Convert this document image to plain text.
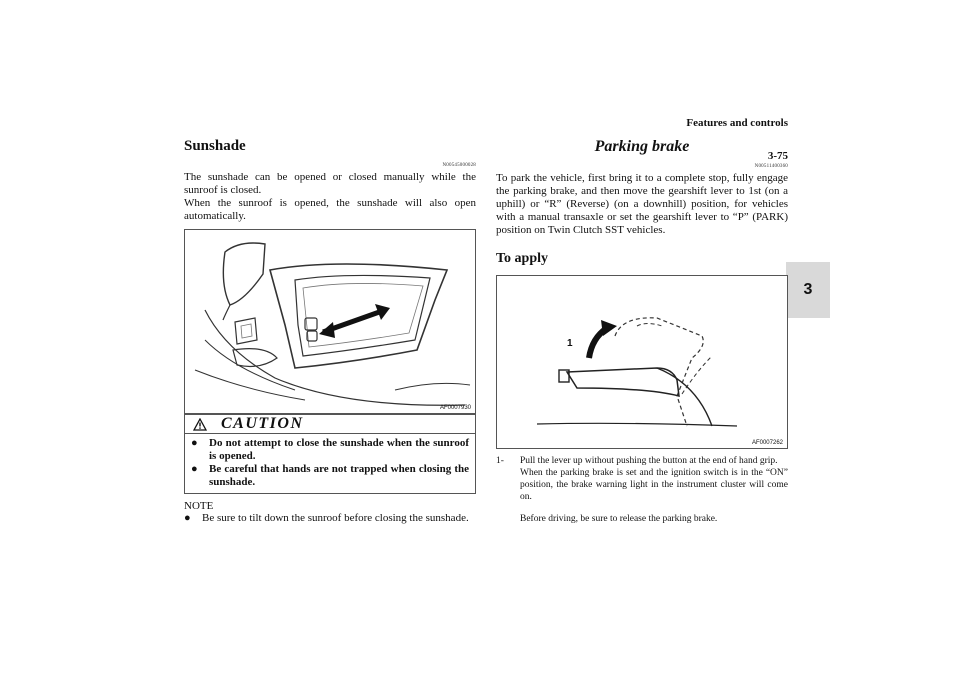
Features and controls
3-75
3
Sunshade
N00545000028

The sunshade can be opened or closed manually while the sunroof is closed.

When the sunroof is opened, the sunshade will also open automatically.

AF0007930
CAUTION
●	Do not attempt to close the sunshade when the sunroof is opened.
●	Be careful that hands are not trapped when closing the sunshade.
NOTE
●	Be sure to tilt down the sunroof before closing the sunshade.
Parking brake
N00511400360

To park the vehicle, first bring it to a complete stop, fully engage the parking brake, and then move the gearshift lever to 1st (on a uphill) or “R” (Reverse) (on a downhill) position, for vehicles with a manual transaxle or set the gearshift lever to “P” (PARK) position on Twin Clutch SST vehicles.

To apply
1
AF0007262
1-	Pull the lever up without pushing the button at the end of hand grip.

When the parking brake is set and the ignition switch is in the “ON” position, the brake warning light in the instrument cluster will come on.

Before driving, be sure to release the parking brake.
